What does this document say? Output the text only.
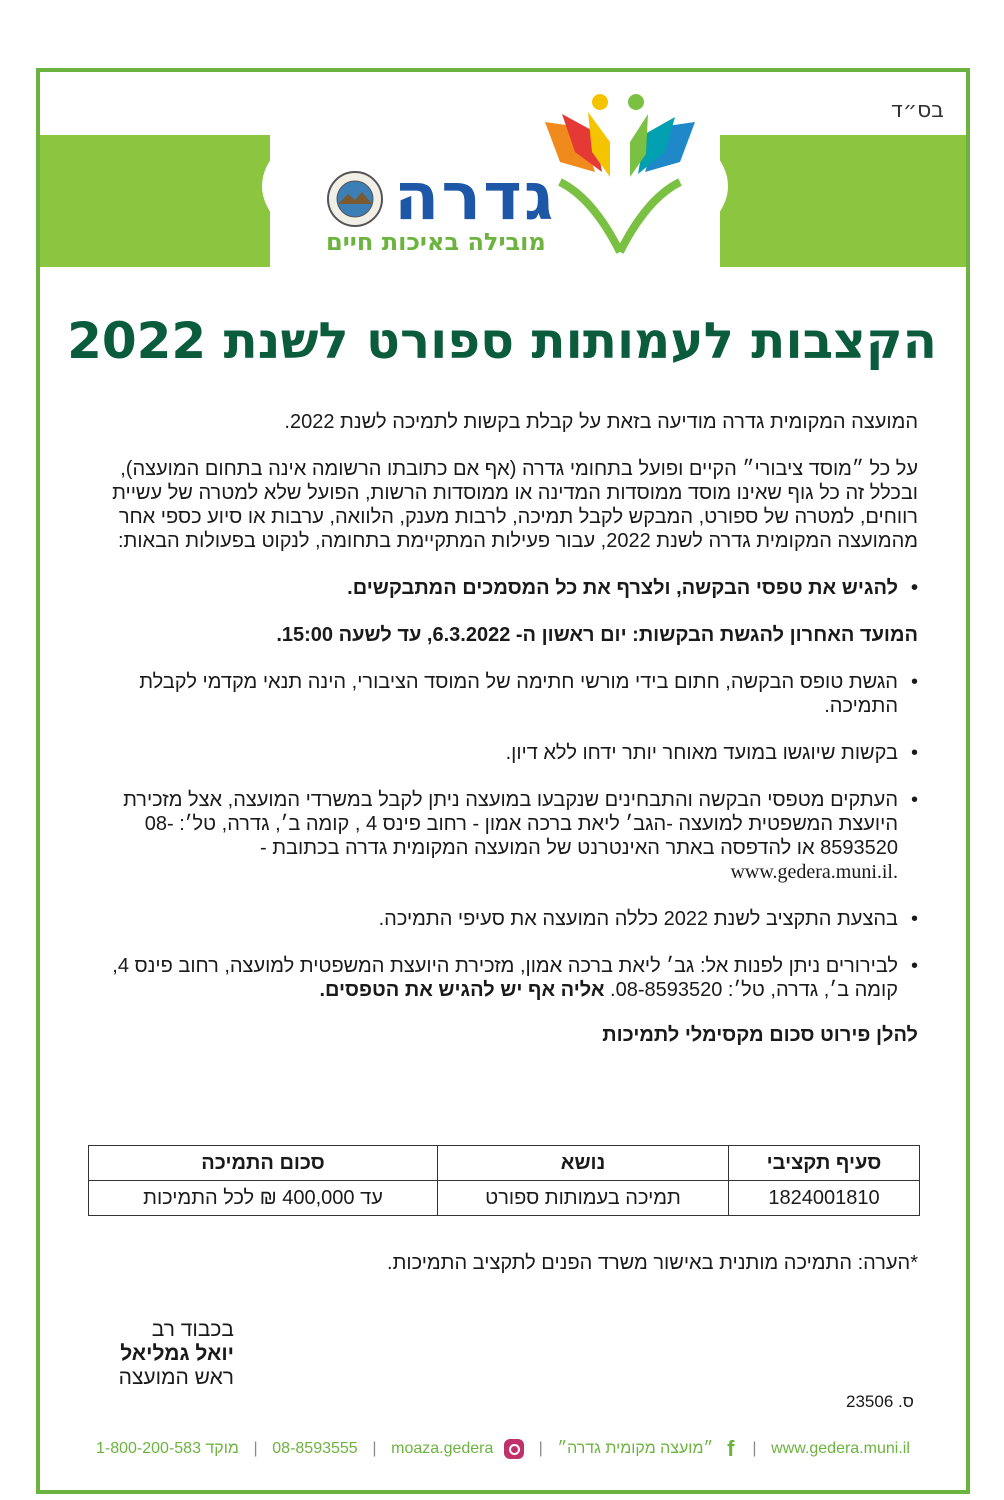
בס״ד
גדרה
מובילה באיכות חיים
הקצבות לעמותות ספורט לשנת 2022

המועצה המקומית גדרה מודיעה בזאת על קבלת בקשות לתמיכה לשנת 2022.

על כל ״מוסד ציבורי״ הקיים ופועל בתחומי גדרה (אף אם כתובתו הרשומה אינה בתחום המועצה), ובכלל זה כל גוף שאינו מוסד ממוסדות המדינה או ממוסדות הרשות, הפועל שלא למטרה של עשיית רווחים, למטרה של ספורט, המבקש לקבל תמיכה, לרבות מענק, הלוואה, ערבות או סיוע כספי אחר מהמועצה המקומית גדרה לשנת 2022, עבור פעילות המתקיימת בתחומה, לנקוט בפעולות הבאות:

• להגיש את טפסי הבקשה, ולצרף את כל המסמכים המתבקשים.

המועד האחרון להגשת הבקשות: יום ראשון ה- 6.3.2022, עד לשעה 15:00.

• הגשת טופס הבקשה, חתום בידי מורשי חתימה של המוסד הציבורי, הינה תנאי מקדמי לקבלת התמיכה.
• בקשות שיוגשו במועד מאוחר יותר ידחו ללא דיון.
• העתקים מטפסי הבקשה והתבחינים שנקבעו במועצה ניתן לקבל במשרדי המועצה, אצל מזכירת היועצת המשפטית למועצה -הגב׳ ליאת ברכה אמון - רחוב פינס 4 , קומה ב׳, גדרה, טל׳: 08-8593520 או להדפסה באתר האינטרנט של המועצה המקומית גדרה בכתובת - www.gedera.muni.il.
• בהצעת התקציב לשנת 2022 כללה המועצה את סעיפי התמיכה.
• לבירורים ניתן לפנות אל: גב׳ ליאת ברכה אמון, מזכירת היועצת המשפטית למועצה, רחוב פינס 4, קומה ב׳, גדרה, טל׳: 08-8593520. אליה אף יש להגיש את הטפסים.

להלן פירוט סכום מקסימלי לתמיכות

סעיף תקציבי	נושא	סכום התמיכה
1824001810	תמיכה בעמותות ספורט	עד 400,000 ₪ לכל התמיכות
*הערה: התמיכה מותנית באישור משרד הפנים לתקציב התמיכות.
בכבוד רב
יואל גמליאל
ראש המועצה
ס. 23506
www.gedera.muni.il
|
f
״מועצה מקומית גדרה״
|
moaza.gedera
|
08-8593555
|
מוקד 1-800-200-583
